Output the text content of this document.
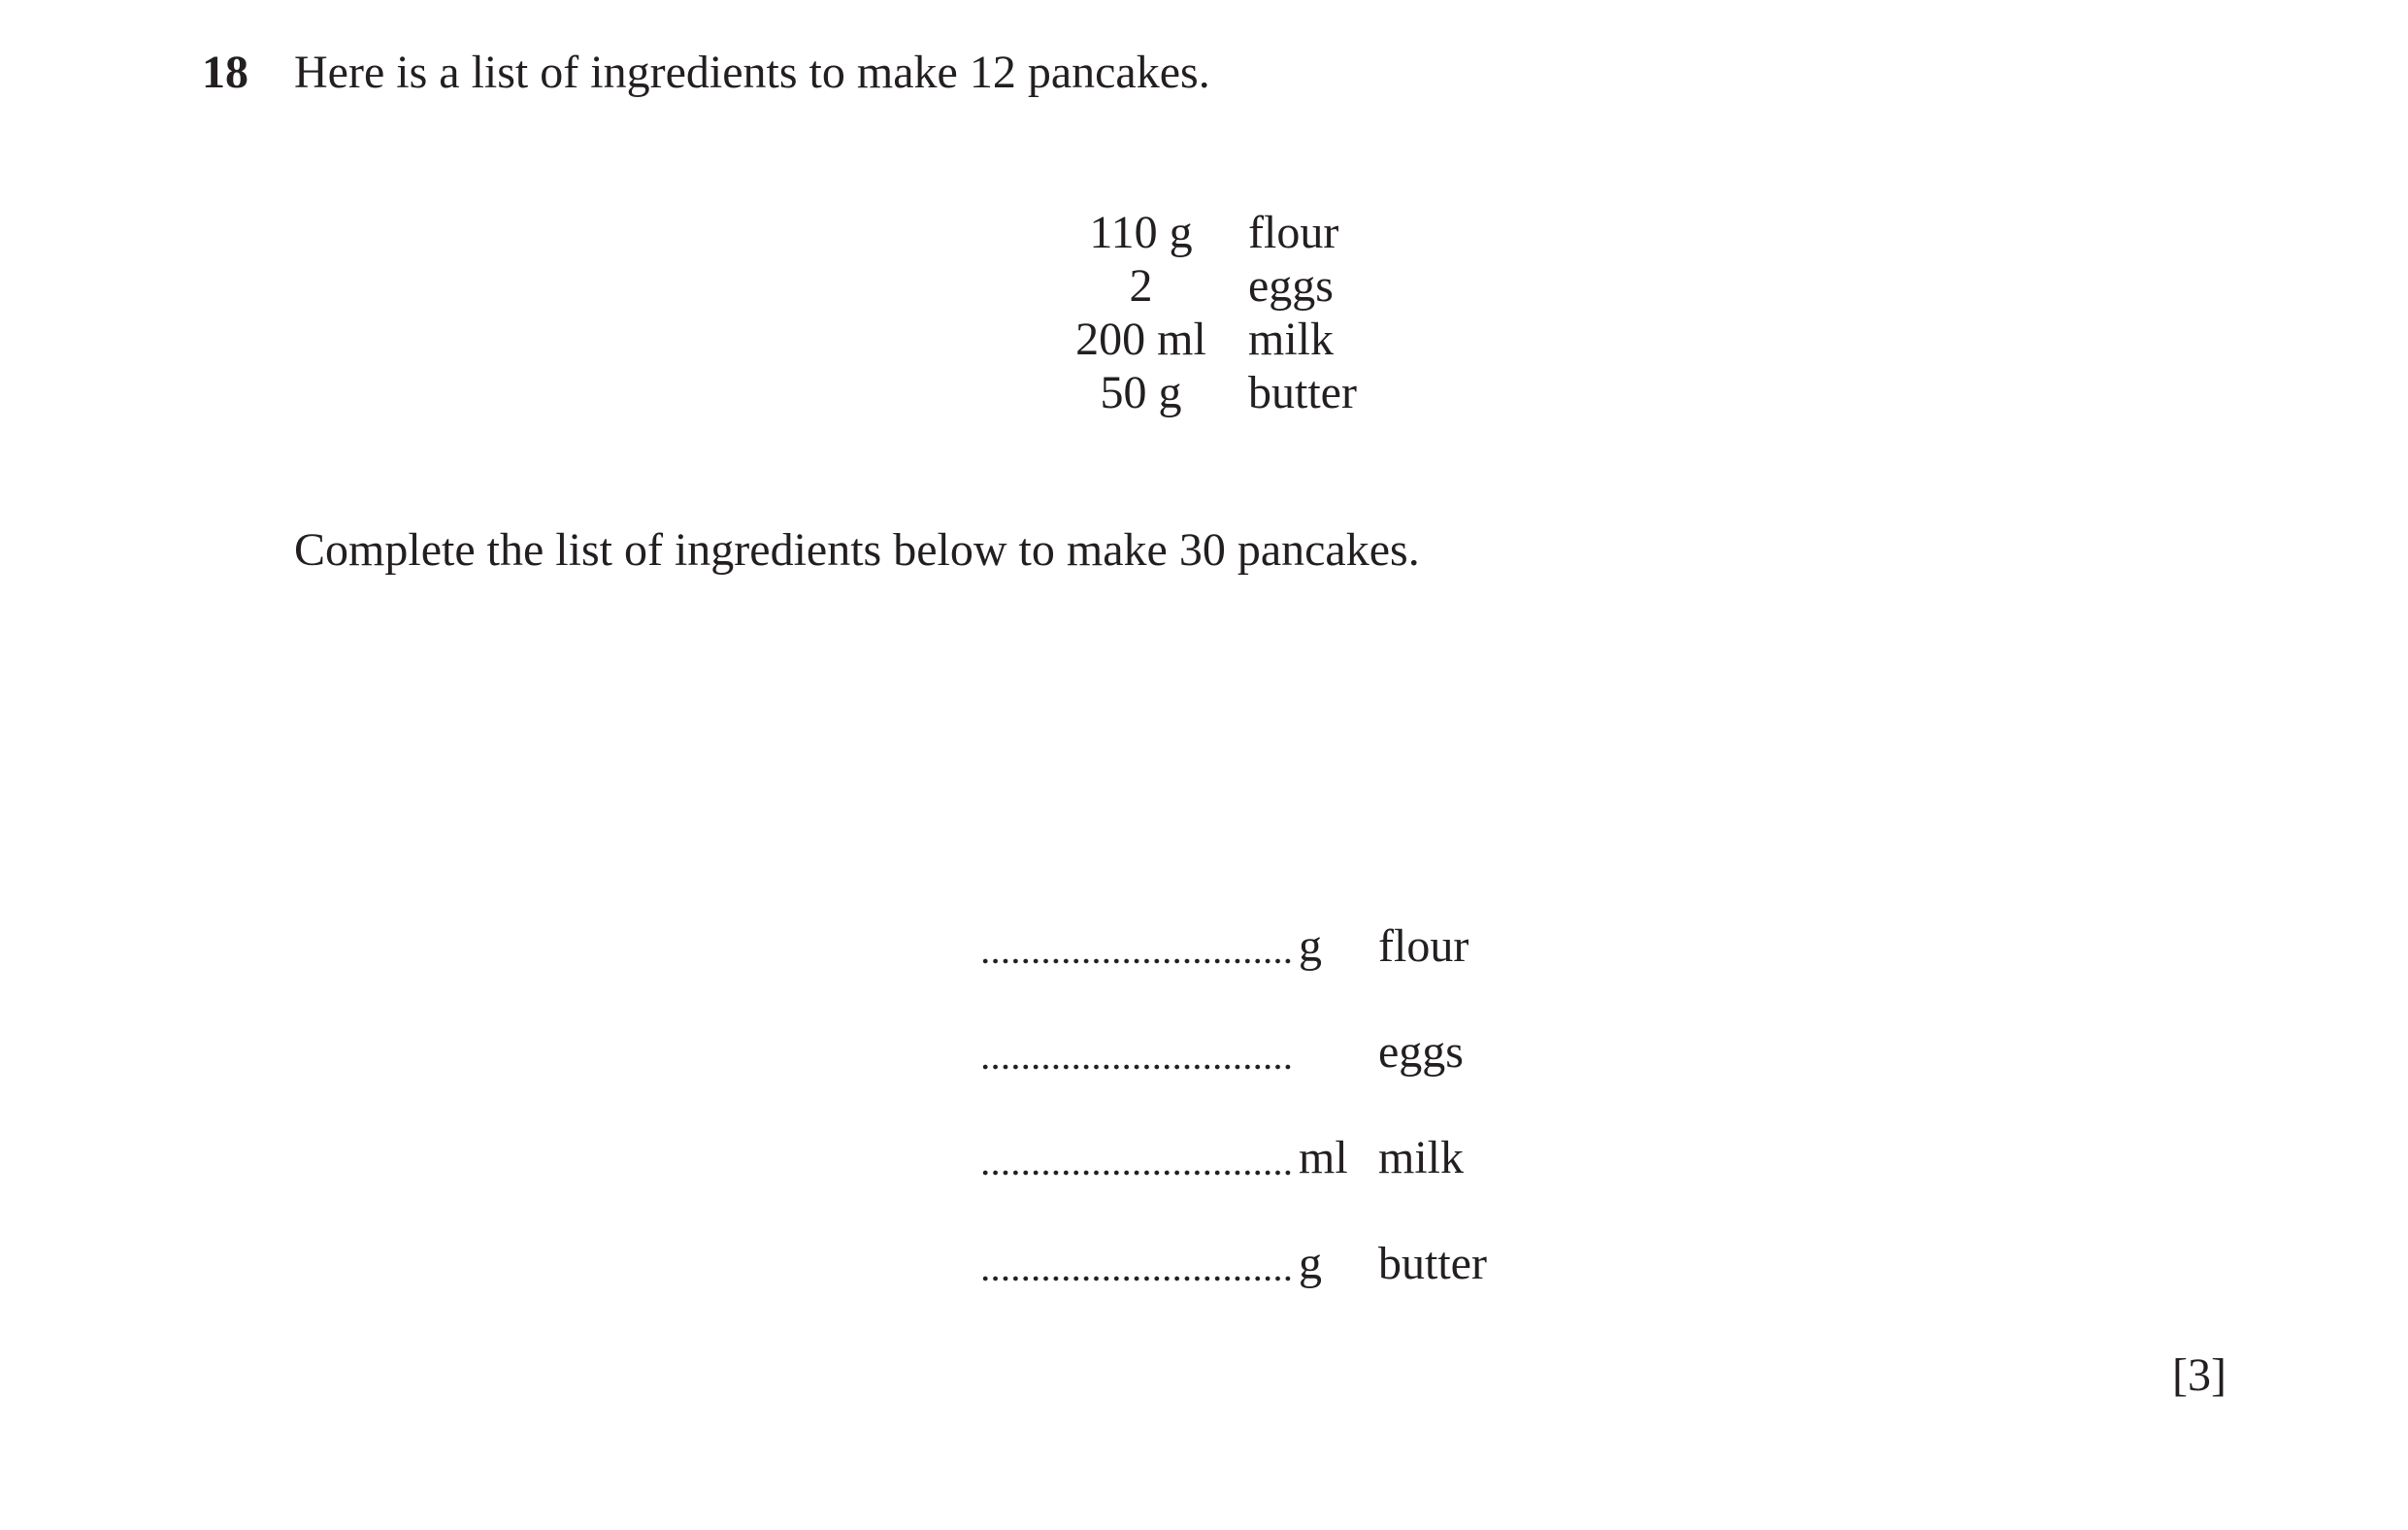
18 Here is a list of ingredients to make 12 pancakes.
110 g	flour
2	eggs
200 ml milk
50 g	butter
Complete the list of ingredients below to make 30 pancakes.
g flour
eggs
ml milk
g butter
[3]
